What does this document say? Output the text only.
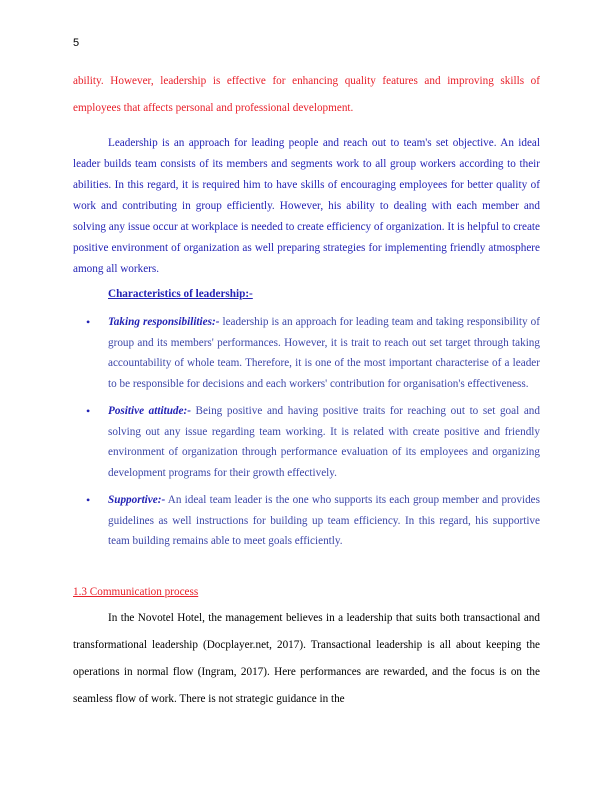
5

ability. However, leadership is effective for enhancing quality features and improving skills of employees that affects personal and professional development.

Leadership is an approach for leading people and reach out to team's set objective. An ideal leader builds team consists of its members and segments work to all group workers according to their abilities. In this regard, it is required him to have skills of encouraging employees for better quality of work and contributing in group efficiently. However, his ability to dealing with each member and solving any issue occur at workplace is needed to create efficiency of organization. It is helpful to create positive environment of organization as well preparing strategies for implementing friendly atmosphere among all workers.

Characteristics of leadership:-

• Taking responsibilities:- leadership is an approach for leading team and taking responsibility of group and its members' performances. However, it is trait to reach out set target through taking accountability of whole team. Therefore, it is one of the most important characterise of a leader to be responsible for decisions and each workers' contribution for organisation's effectiveness.
• Positive attitude:- Being positive and having positive traits for reaching out to set goal and solving out any issue regarding team working. It is related with create positive and friendly environment of organization through performance evaluation of its employees and organizing development programs for their growth effectively.
• Supportive:- An ideal team leader is the one who supports its each group member and provides guidelines as well instructions for building up team efficiency. In this regard, his supportive team building remains able to meet goals efficiently.

1.3 Communication process

In the Novotel Hotel, the management believes in a leadership that suits both transactional and transformational leadership (Docplayer.net, 2017). Transactional leadership is all about keeping the operations in normal flow (Ingram, 2017). Here performances are rewarded, and the focus is on the seamless flow of work. There is not strategic guidance in the
